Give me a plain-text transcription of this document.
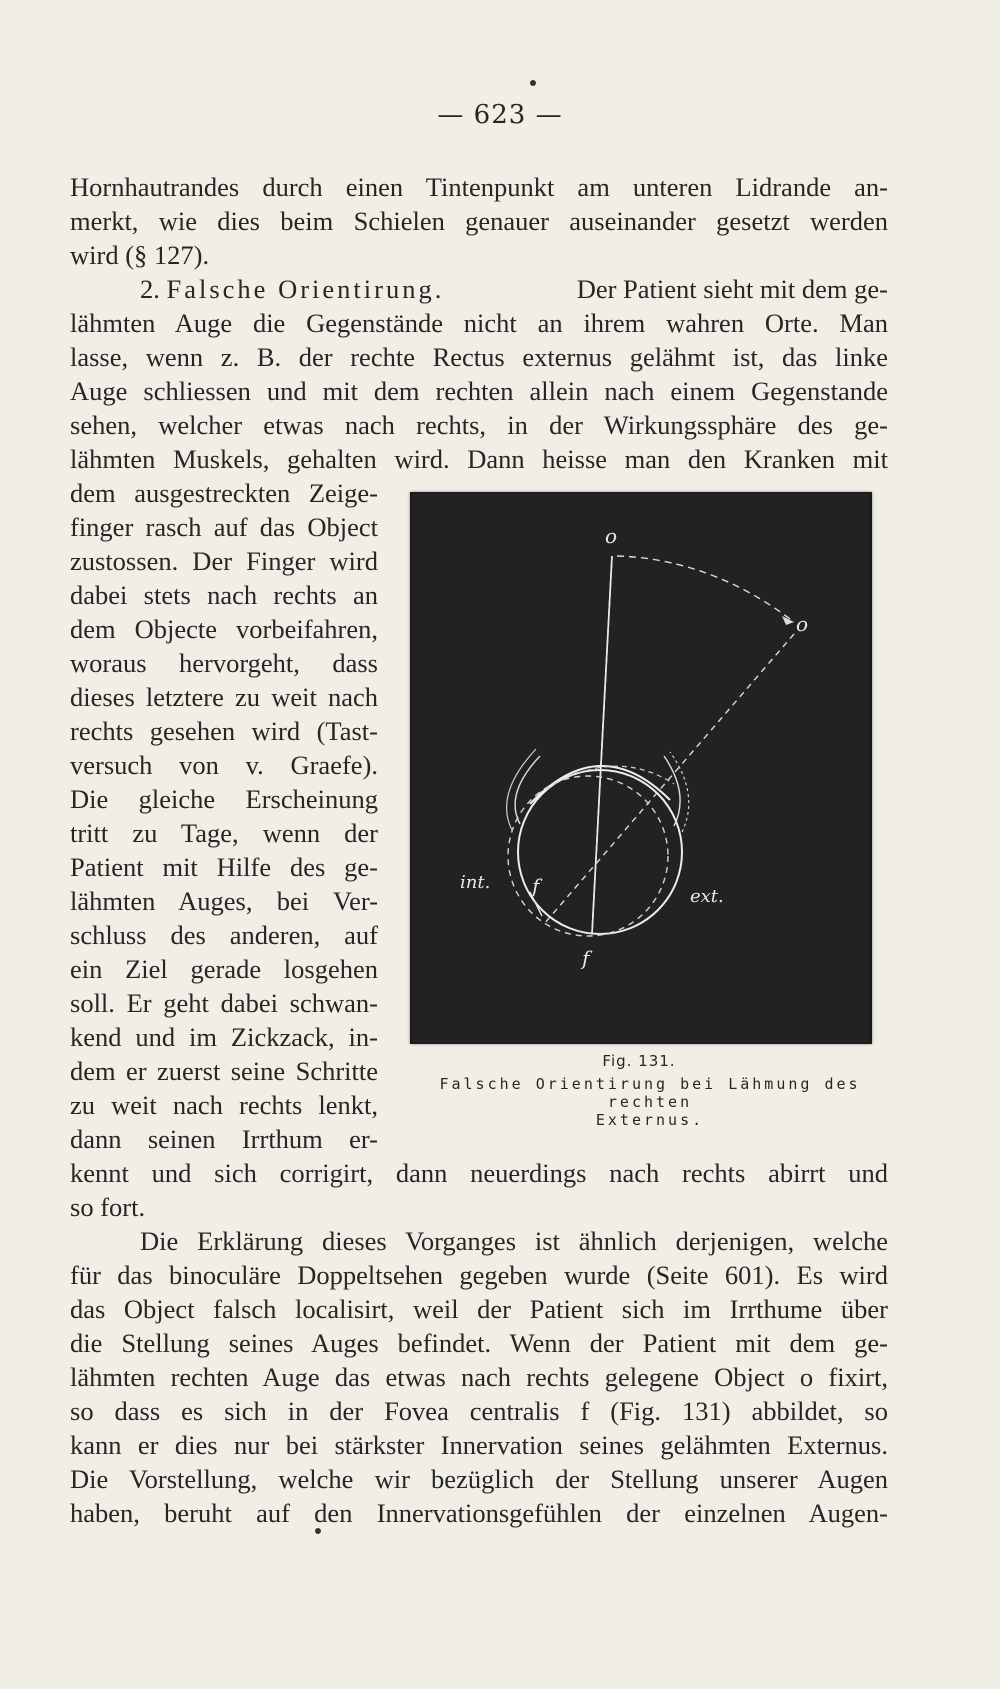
— 623 —
Hornhautrandes durch einen Tintenpunkt am unteren Lidrande an-
merkt, wie dies beim Schielen genauer auseinander gesetzt werden
wird (§ 127).
2. Falsche Orientirung.	Der Patient sieht mit dem ge-
lähmten Auge die Gegenstände nicht an ihrem wahren Orte. Man
lasse, wenn z. B. der rechte Rectus externus gelähmt ist, das linke
Auge schliessen und mit dem rechten allein nach einem Gegenstande
sehen, welcher etwas nach rechts, in der Wirkungssphäre des ge-
lähmten Muskels, gehalten wird. Dann heisse man den Kranken mit
dem ausgestreckten Zeige-
finger rasch auf das Object
zustossen. Der Finger wird
dabei stets nach rechts an
dem Objecte vorbeifahren,
woraus hervorgeht, dass
dieses letztere zu weit nach
rechts gesehen wird (Tast-
versuch von v. Graefe).
Die gleiche Erscheinung
tritt zu Tage, wenn der
Patient mit Hilfe des ge-
lähmten Auges, bei Ver-
schluss des anderen, auf
ein Ziel gerade losgehen
soll. Er geht dabei schwan-
kend und im Zickzack, in-
dem er zuerst seine Schritte
zu weit nach rechts lenkt,
dann seinen Irrthum er-
o
o
f
f
int.
ext.
Fig. 131.
Falsche Orientirung bei Lähmung des rechten
Externus.
kennt und sich corrigirt, dann neuerdings nach rechts abirrt und
so fort.
Die Erklärung dieses Vorganges ist ähnlich derjenigen, welche
für das binoculäre Doppeltsehen gegeben wurde (Seite 601). Es wird
das Object falsch localisirt, weil der Patient sich im Irrthume über
die Stellung seines Auges befindet. Wenn der Patient mit dem ge-
lähmten rechten Auge das etwas nach rechts gelegene Object o fixirt,
so dass es sich in der Fovea centralis f (Fig. 131) abbildet, so
kann er dies nur bei stärkster Innervation seines gelähmten Externus.
Die Vorstellung, welche wir bezüglich der Stellung unserer Augen
haben, beruht auf den Innervationsgefühlen der einzelnen Augen-
